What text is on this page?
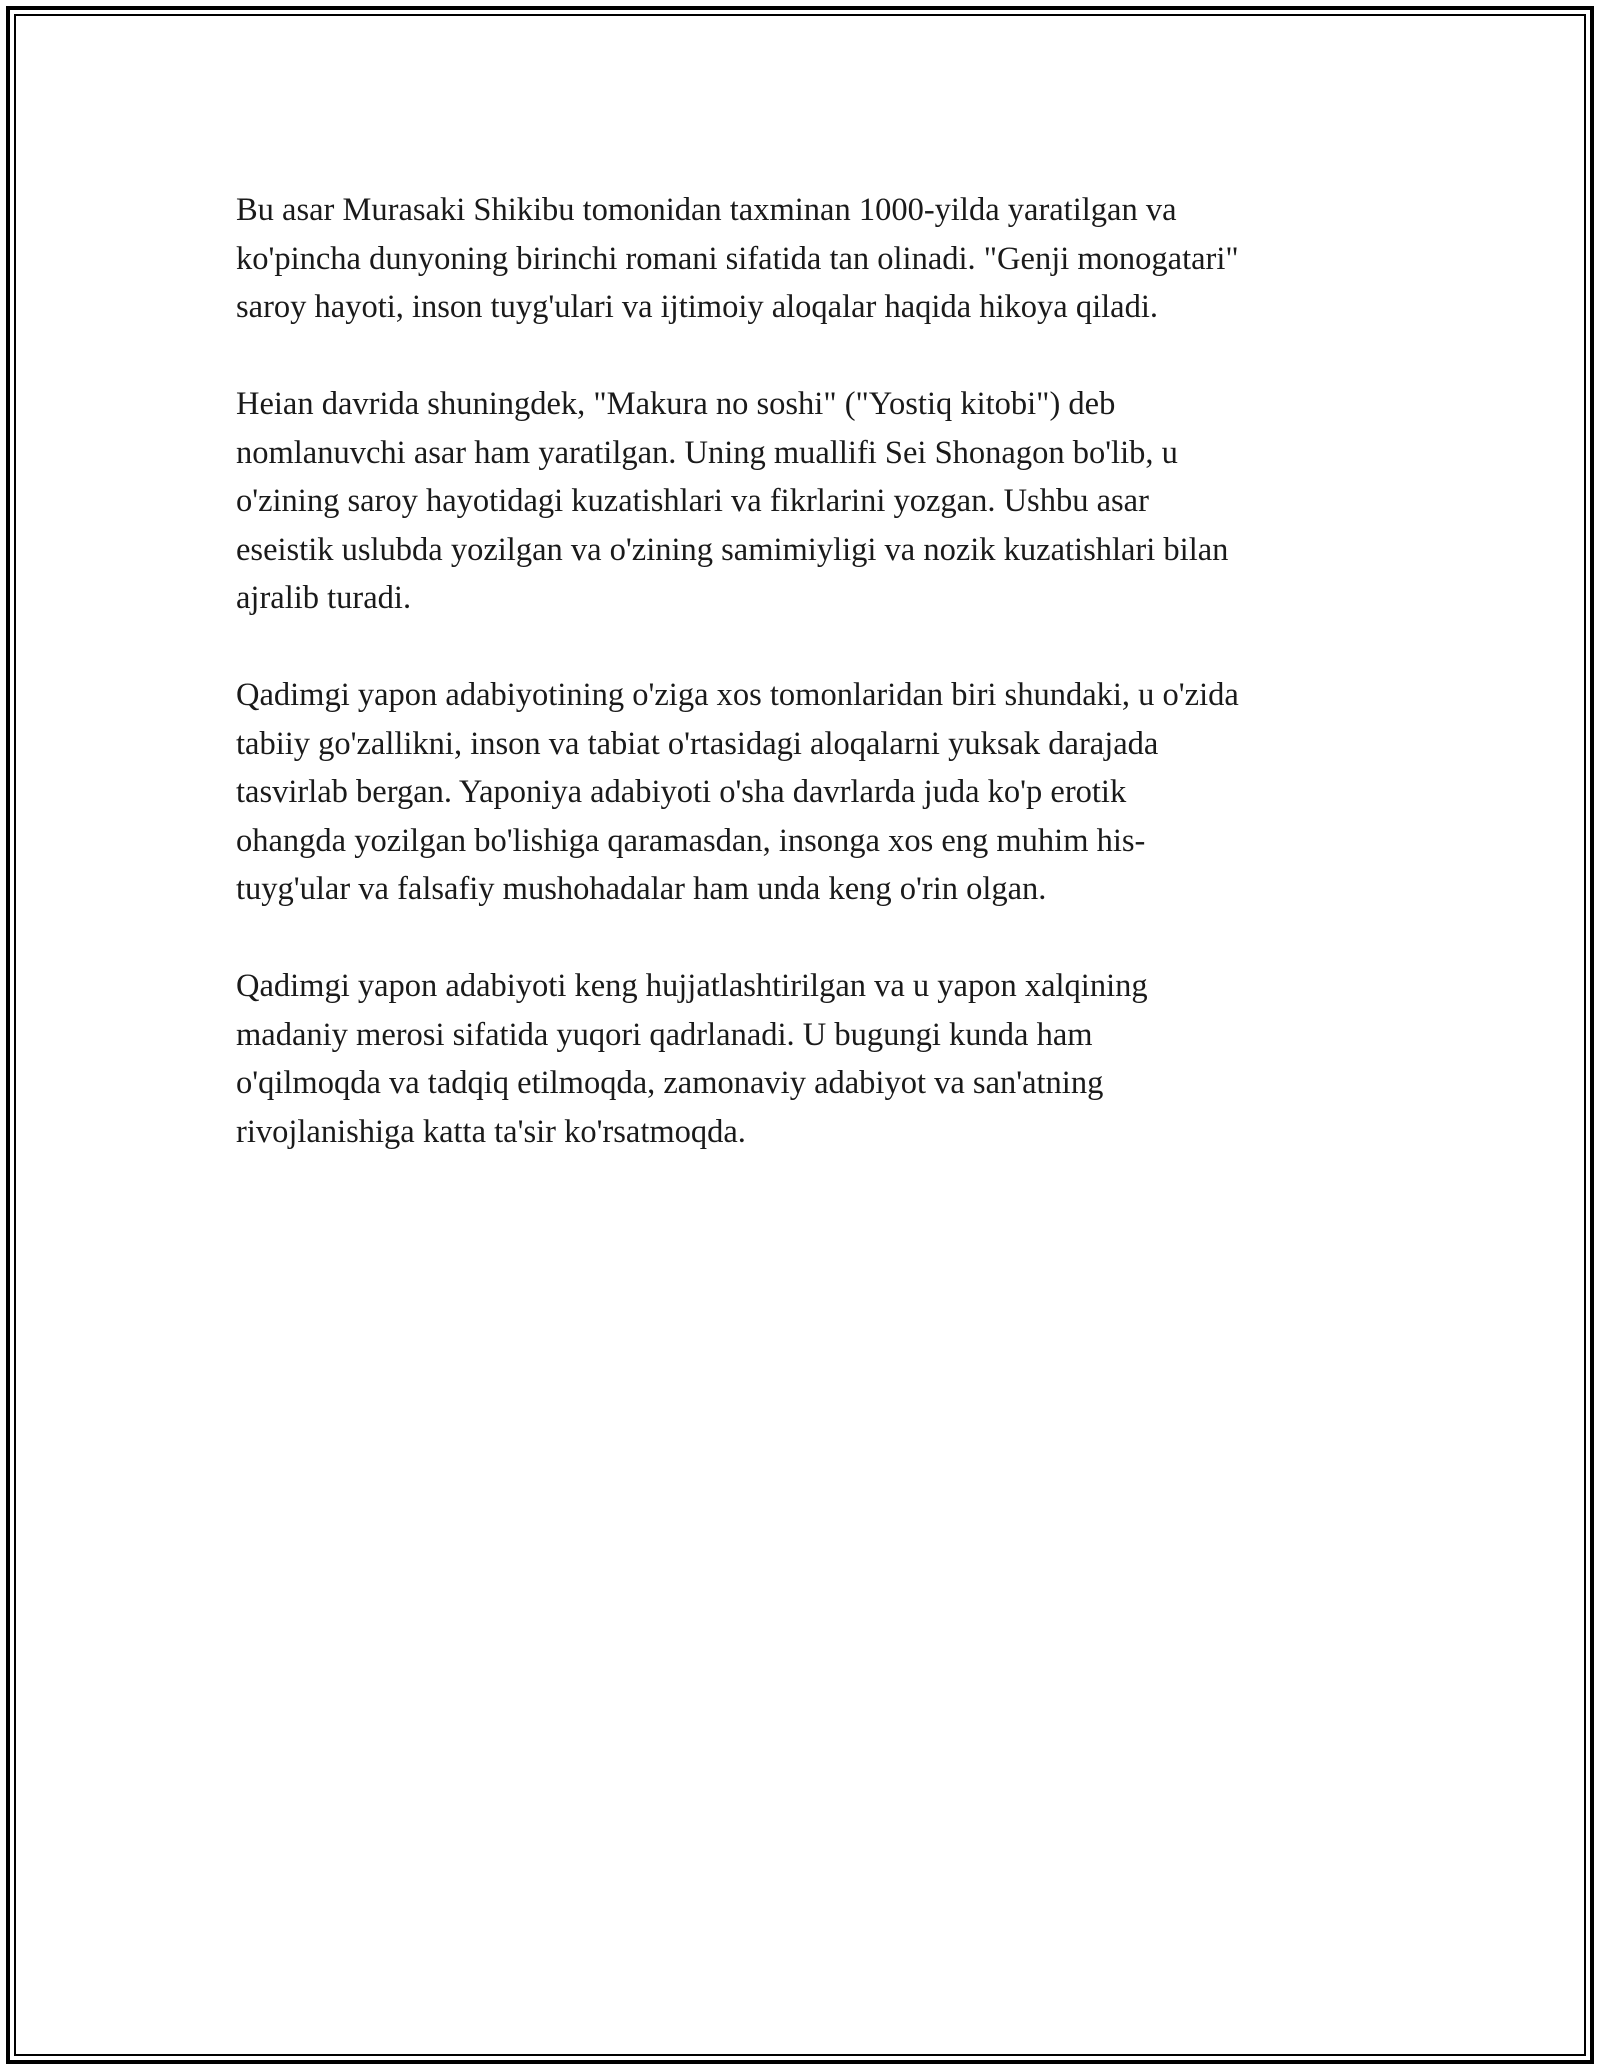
Bu asar Murasaki Shikibu tomonidan taxminan 1000-yilda yaratilgan va
ko'pincha dunyoning birinchi romani sifatida tan olinadi. "Genji monogatari"
saroy hayoti, inson tuyg'ulari va ijtimoiy aloqalar haqida hikoya qiladi.

Heian davrida shuningdek, "Makura no soshi" ("Yostiq kitobi") deb
nomlanuvchi asar ham yaratilgan. Uning muallifi Sei Shonagon bo'lib, u
o'zining saroy hayotidagi kuzatishlari va fikrlarini yozgan. Ushbu asar
eseistik uslubda yozilgan va o'zining samimiyligi va nozik kuzatishlari bilan
ajralib turadi.

Qadimgi yapon adabiyotining o'ziga xos tomonlaridan biri shundaki, u o'zida
tabiiy go'zallikni, inson va tabiat o'rtasidagi aloqalarni yuksak darajada
tasvirlab bergan. Yaponiya adabiyoti o'sha davrlarda juda ko'p erotik
ohangda yozilgan bo'lishiga qaramasdan, insonga xos eng muhim his-
tuyg'ular va falsafiy mushohadalar ham unda keng o'rin olgan.

Qadimgi yapon adabiyoti keng hujjatlashtirilgan va u yapon xalqining
madaniy merosi sifatida yuqori qadrlanadi. U bugungi kunda ham
o'qilmoqda va tadqiq etilmoqda, zamonaviy adabiyot va san'atning
rivojlanishiga katta ta'sir ko'rsatmoqda.
